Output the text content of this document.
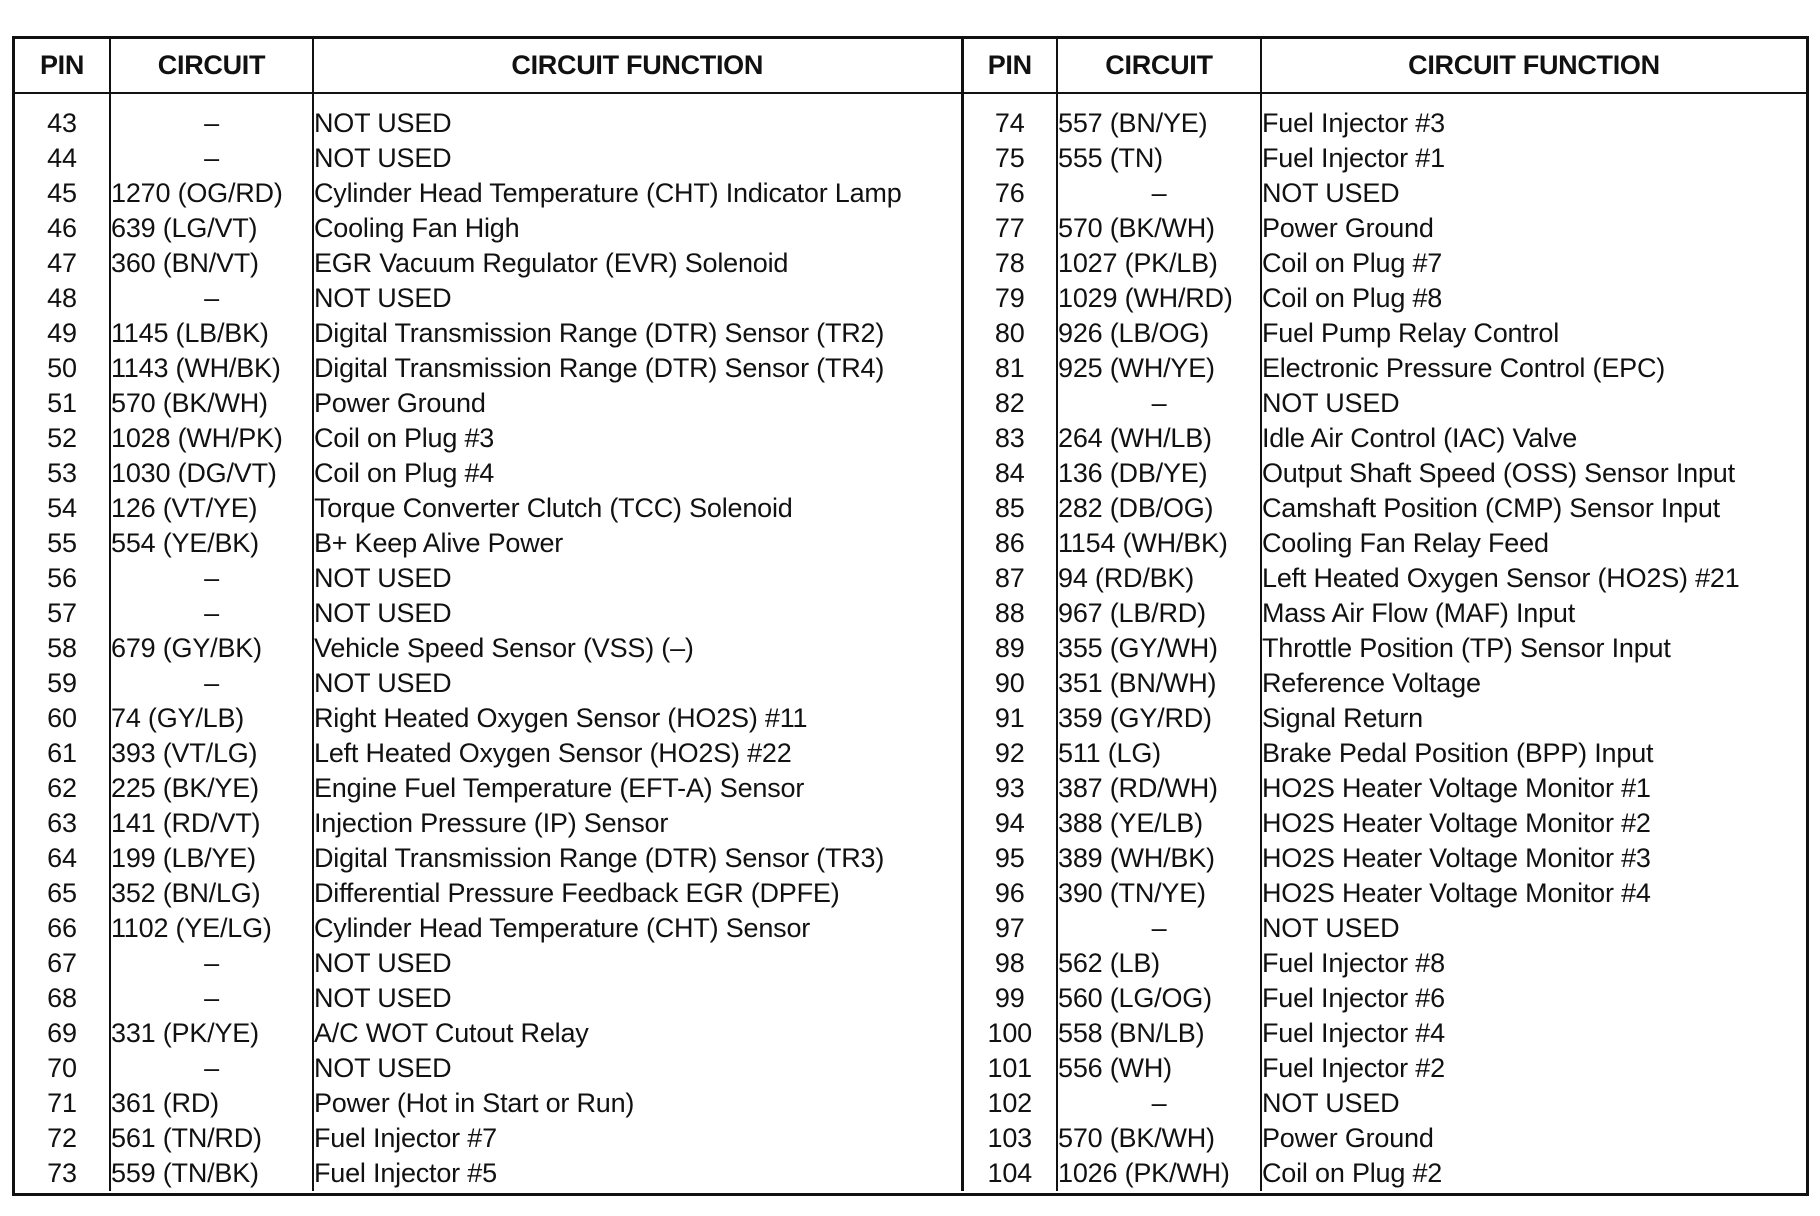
PIN	CIRCUIT	CIRCUIT FUNCTION	PIN	CIRCUIT	CIRCUIT FUNCTION
43	–	NOT USED	74	557 (BN/YE)	Fuel Injector #3
44	–	NOT USED	75	555 (TN)	Fuel Injector #1
45	1270 (OG/RD)	Cylinder Head Temperature (CHT) Indicator Lamp	76	–	NOT USED
46	639 (LG/VT)	Cooling Fan High	77	570 (BK/WH)	Power Ground
47	360 (BN/VT)	EGR Vacuum Regulator (EVR) Solenoid	78	1027 (PK/LB)	Coil on Plug #7
48	–	NOT USED	79	1029 (WH/RD)	Coil on Plug #8
49	1145 (LB/BK)	Digital Transmission Range (DTR) Sensor (TR2)	80	926 (LB/OG)	Fuel Pump Relay Control
50	1143 (WH/BK)	Digital Transmission Range (DTR) Sensor (TR4)	81	925 (WH/YE)	Electronic Pressure Control (EPC)
51	570 (BK/WH)	Power Ground	82	–	NOT USED
52	1028 (WH/PK)	Coil on Plug #3	83	264 (WH/LB)	Idle Air Control (IAC) Valve
53	1030 (DG/VT)	Coil on Plug #4	84	136 (DB/YE)	Output Shaft Speed (OSS) Sensor Input
54	126 (VT/YE)	Torque Converter Clutch (TCC) Solenoid	85	282 (DB/OG)	Camshaft Position (CMP) Sensor Input
55	554 (YE/BK)	B+ Keep Alive Power	86	1154 (WH/BK)	Cooling Fan Relay Feed
56	–	NOT USED	87	94 (RD/BK)	Left Heated Oxygen Sensor (HO2S) #21
57	–	NOT USED	88	967 (LB/RD)	Mass Air Flow (MAF) Input
58	679 (GY/BK)	Vehicle Speed Sensor (VSS) (–)	89	355 (GY/WH)	Throttle Position (TP) Sensor Input
59	–	NOT USED	90	351 (BN/WH)	Reference Voltage
60	74 (GY/LB)	Right Heated Oxygen Sensor (HO2S) #11	91	359 (GY/RD)	Signal Return
61	393 (VT/LG)	Left Heated Oxygen Sensor (HO2S) #22	92	511 (LG)	Brake Pedal Position (BPP) Input
62	225 (BK/YE)	Engine Fuel Temperature (EFT-A) Sensor	93	387 (RD/WH)	HO2S Heater Voltage Monitor #1
63	141 (RD/VT)	Injection Pressure (IP) Sensor	94	388 (YE/LB)	HO2S Heater Voltage Monitor #2
64	199 (LB/YE)	Digital Transmission Range (DTR) Sensor (TR3)	95	389 (WH/BK)	HO2S Heater Voltage Monitor #3
65	352 (BN/LG)	Differential Pressure Feedback EGR (DPFE)	96	390 (TN/YE)	HO2S Heater Voltage Monitor #4
66	1102 (YE/LG)	Cylinder Head Temperature (CHT) Sensor	97	–	NOT USED
67	–	NOT USED	98	562 (LB)	Fuel Injector #8
68	–	NOT USED	99	560 (LG/OG)	Fuel Injector #6
69	331 (PK/YE)	A/C WOT Cutout Relay	100	558 (BN/LB)	Fuel Injector #4
70	–	NOT USED	101	556 (WH)	Fuel Injector #2
71	361 (RD)	Power (Hot in Start or Run)	102	–	NOT USED
72	561 (TN/RD)	Fuel Injector #7	103	570 (BK/WH)	Power Ground
73	559 (TN/BK)	Fuel Injector #5	104	1026 (PK/WH)	Coil on Plug #2
